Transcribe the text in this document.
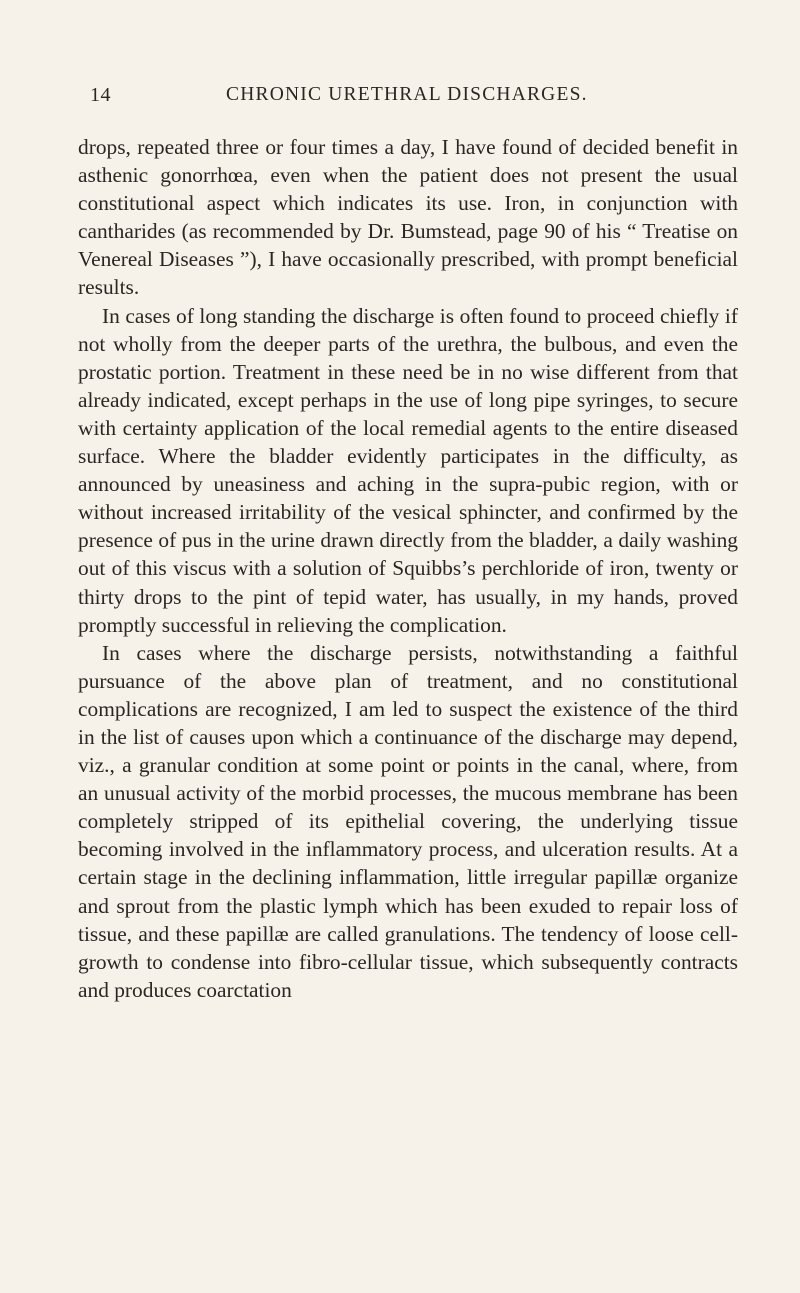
14	CHRONIC URETHRAL DISCHARGES.

drops, repeated three or four times a day, I have found of decided benefit in asthenic gonorrhœa, even when the patient does not present the usual constitutional aspect which indicates its use. Iron, in conjunction with cantharides (as recommended by Dr. Bumstead, page 90 of his “ Treatise on Venereal Diseases ”), I have occasionally prescribed, with prompt beneficial results.

In cases of long standing the discharge is often found to proceed chiefly if not wholly from the deeper parts of the urethra, the bulbous, and even the prostatic portion. Treatment in these need be in no wise different from that already indicated, except perhaps in the use of long pipe syringes, to secure with certainty application of the local remedial agents to the entire diseased surface. Where the bladder evidently participates in the difficulty, as announced by uneasiness and aching in the supra-pubic region, with or without increased irritability of the vesical sphincter, and confirmed by the presence of pus in the urine drawn directly from the bladder, a daily washing out of this viscus with a solution of Squibbs’s perchloride of iron, twenty or thirty drops to the pint of tepid water, has usually, in my hands, proved promptly successful in relieving the complication.

In cases where the discharge persists, notwithstanding a faithful pursuance of the above plan of treatment, and no constitutional complications are recognized, I am led to suspect the existence of the third in the list of causes upon which a continuance of the discharge may depend, viz., a granular condition at some point or points in the canal, where, from an unusual activity of the morbid processes, the mucous membrane has been completely stripped of its epithelial covering, the underlying tissue becoming involved in the inflammatory process, and ulceration results. At a certain stage in the declining inflammation, little irregular papillæ organize and sprout from the plastic lymph which has been exuded to repair loss of tissue, and these papillæ are called granulations. The tendency of loose cell-growth to condense into fibro-cellular tissue, which subsequently contracts and produces coarctation
